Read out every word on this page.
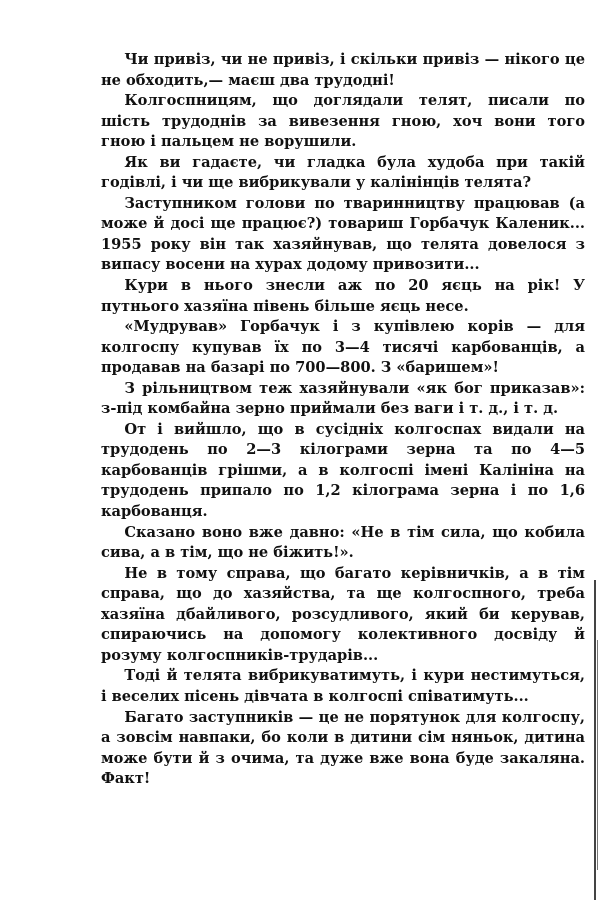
Чи привіз, чи не привіз, і скільки привіз — нікого це не обходить,— маєш два трудодні!

Колгоспницям, що доглядали телят, писали по шість трудоднів за вивезення гною, хоч вони того гною і пальцем не ворушили.

Як ви гадаєте, чи гладка була худоба при такій годівлі, і чи ще вибрикували у калінінців телята?

Заступником голови по тваринництву працював (а може й досі ще працює?) товариш Горбачук Каленик... 1955 року він так хазяйнував, що телята довелося з випасу восени на хурах додому привозити...

Кури в нього знесли аж по 20 яєць на рік! У путнього хазяїна півень більше яєць несе.

«Мудрував» Горбачук і з купівлею корів — для колгоспу купував їх по 3—4 тисячі карбованців, а продавав на базарі по 700—800. З «баришем»!

З рільництвом теж хазяйнували «як бог приказав»: з-під комбайна зерно приймали без ваги і т. д., і т. д.

От і вийшло, що в сусідніх колгоспах видали на трудодень по 2—3 кілограми зерна та по 4—5 карбованців грішми, а в колгоспі імені Калініна на трудодень припало по 1,2 кілограма зерна і по 1,6 карбованця.

Сказано воно вже давно: «Не в тім сила, що кобила сива, а в тім, що не біжить!».

Не в тому справа, що багато керівничків, а в тім справа, що до хазяйства, та ще колгоспного, треба хазяїна дбайливого, розсудливого, який би керував, спираючись на допомогу колективного досвіду й розуму колгоспників-трударів...

Тоді й телята вибрикуватимуть, і кури нестимуться, і веселих пісень дівчата в колгоспі співатимуть...

Багато заступників — це не порятунок для колгоспу, а зовсім навпаки, бо коли в дитини сім няньок, дитина може бути й з очима, та дуже вже вона буде закаляна. Факт!
